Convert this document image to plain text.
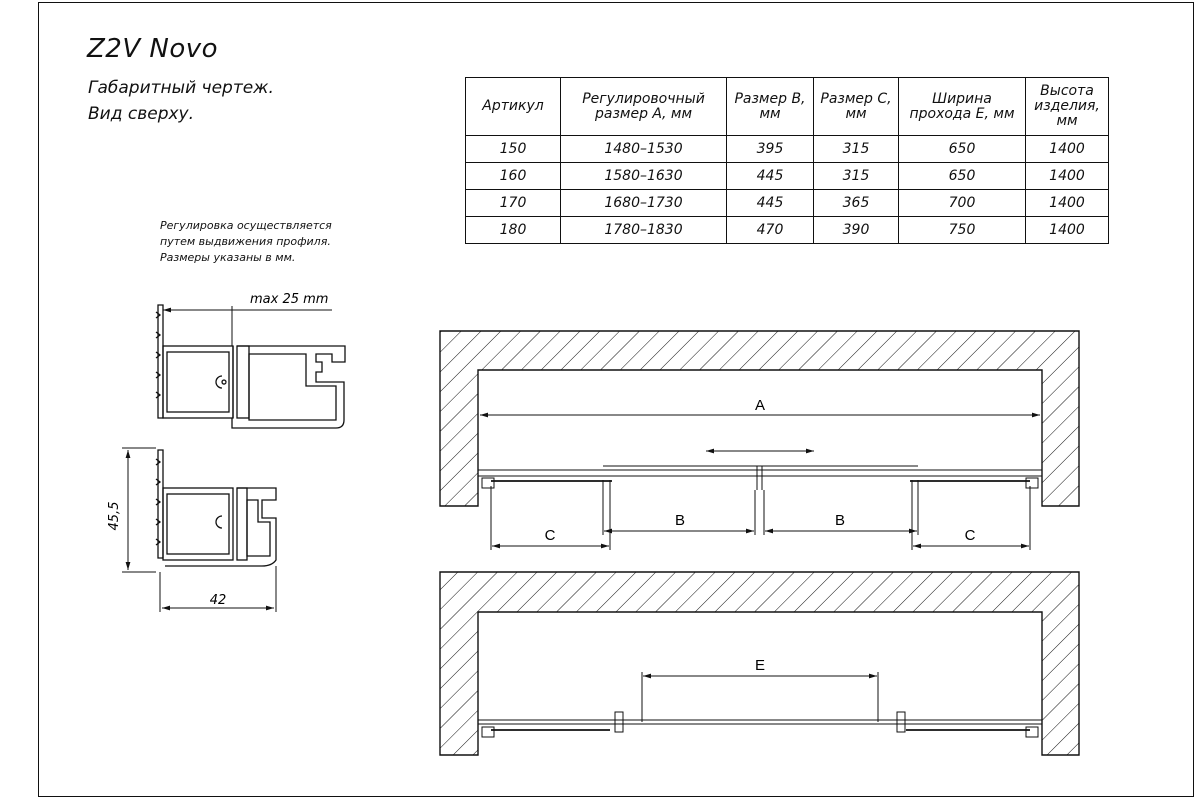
Z2V Novo
Габаритный чертеж.
Вид сверху.
Регулировка осуществляется
путем выдвижения профиля.
Размеры указаны в мм.
Артикул	Регулировочный размер А, мм	Размер B, мм	Размер C, мм	Ширина прохода E, мм	Высота изделия, мм
150	1480–1530	395	315	650	1400
160	1580–1630	445	315	650	1400
170	1680–1730	445	365	700	1400
180	1780–1830	470	390	750	1400
max 25 mm
45,5
42
A
B	B
C	C
E
